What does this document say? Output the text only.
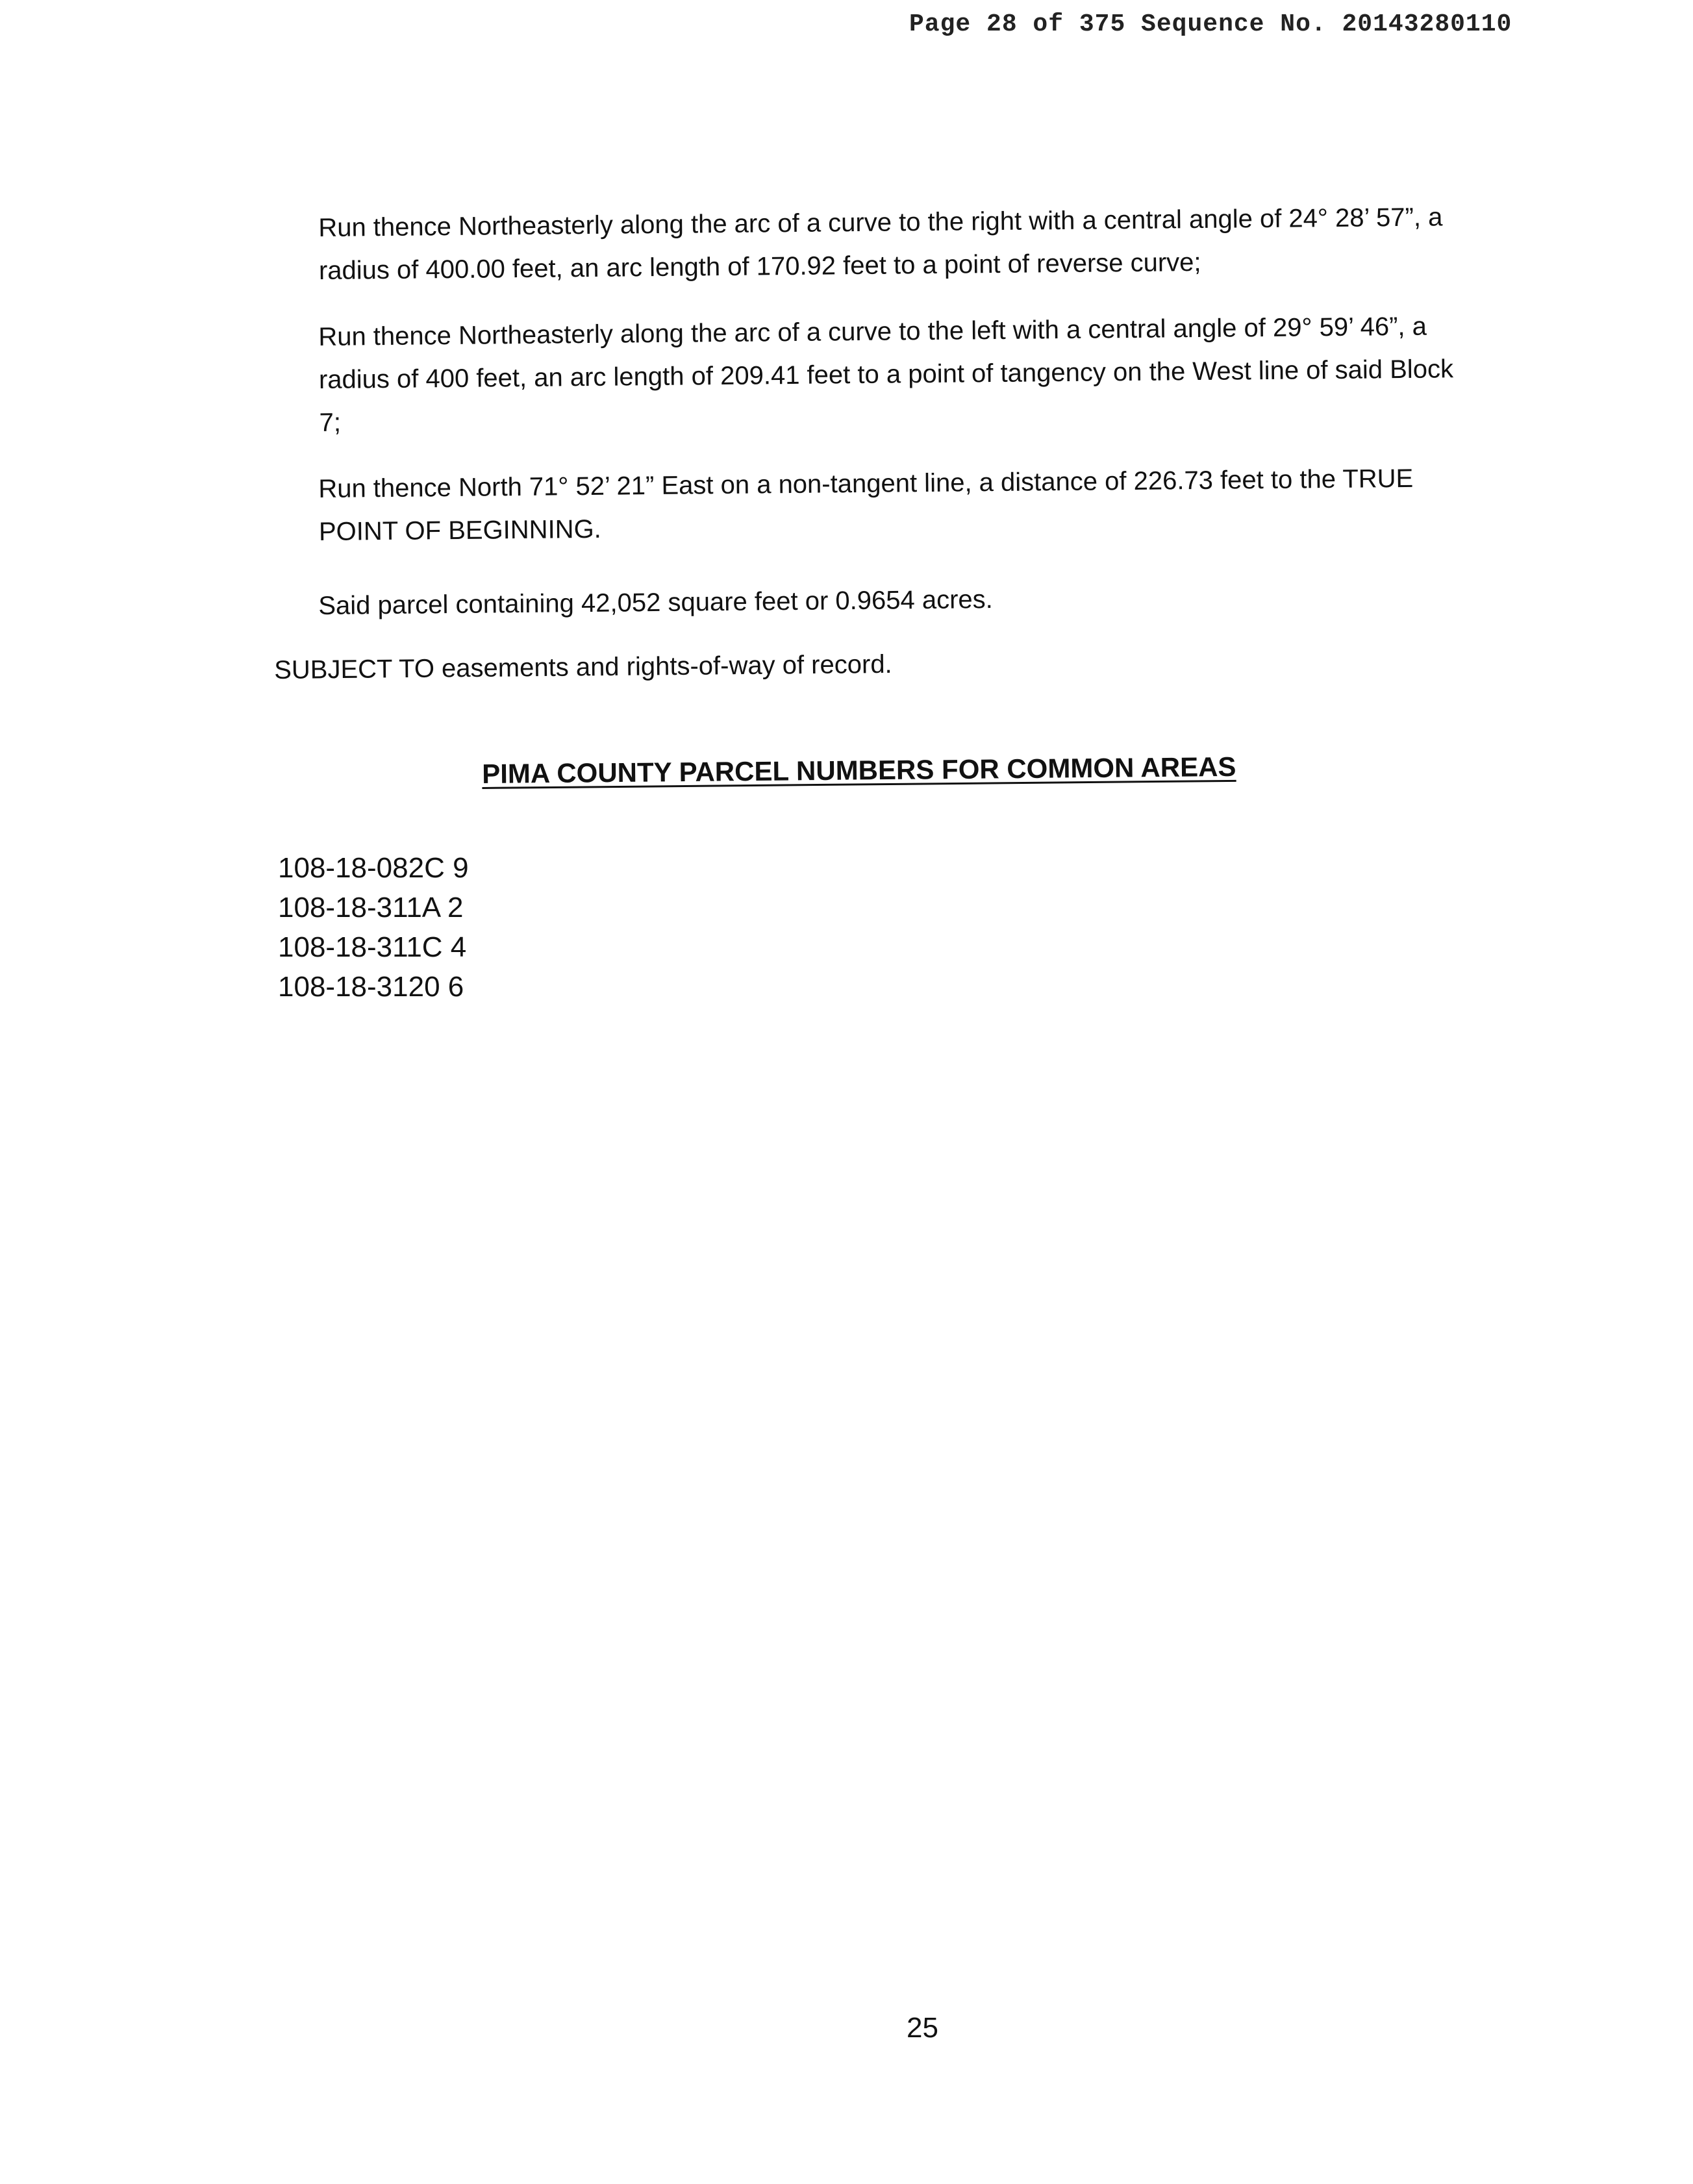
Page 28 of 375 Sequence No. 20143280110

Run thence Northeasterly along the arc of a curve to the right with a central angle of 24° 28’ 57”, a radius of 400.00 feet, an arc length of 170.92 feet to a point of reverse curve;

Run thence Northeasterly along the arc of a curve to the left with a central angle of 29° 59’ 46”, a radius of 400 feet, an arc length of 209.41 feet to a point of tangency on the West line of said Block 7;

Run thence North 71° 52’ 21” East on a non-tangent line, a distance of 226.73 feet to the TRUE POINT OF BEGINNING.

Said parcel containing 42,052 square feet or 0.9654 acres.

SUBJECT TO easements and rights-of-way of record.
PIMA COUNTY PARCEL NUMBERS FOR COMMON AREAS
108-18-082C 9
108-18-311A 2
108-18-311C 4
108-18-3120 6
25
